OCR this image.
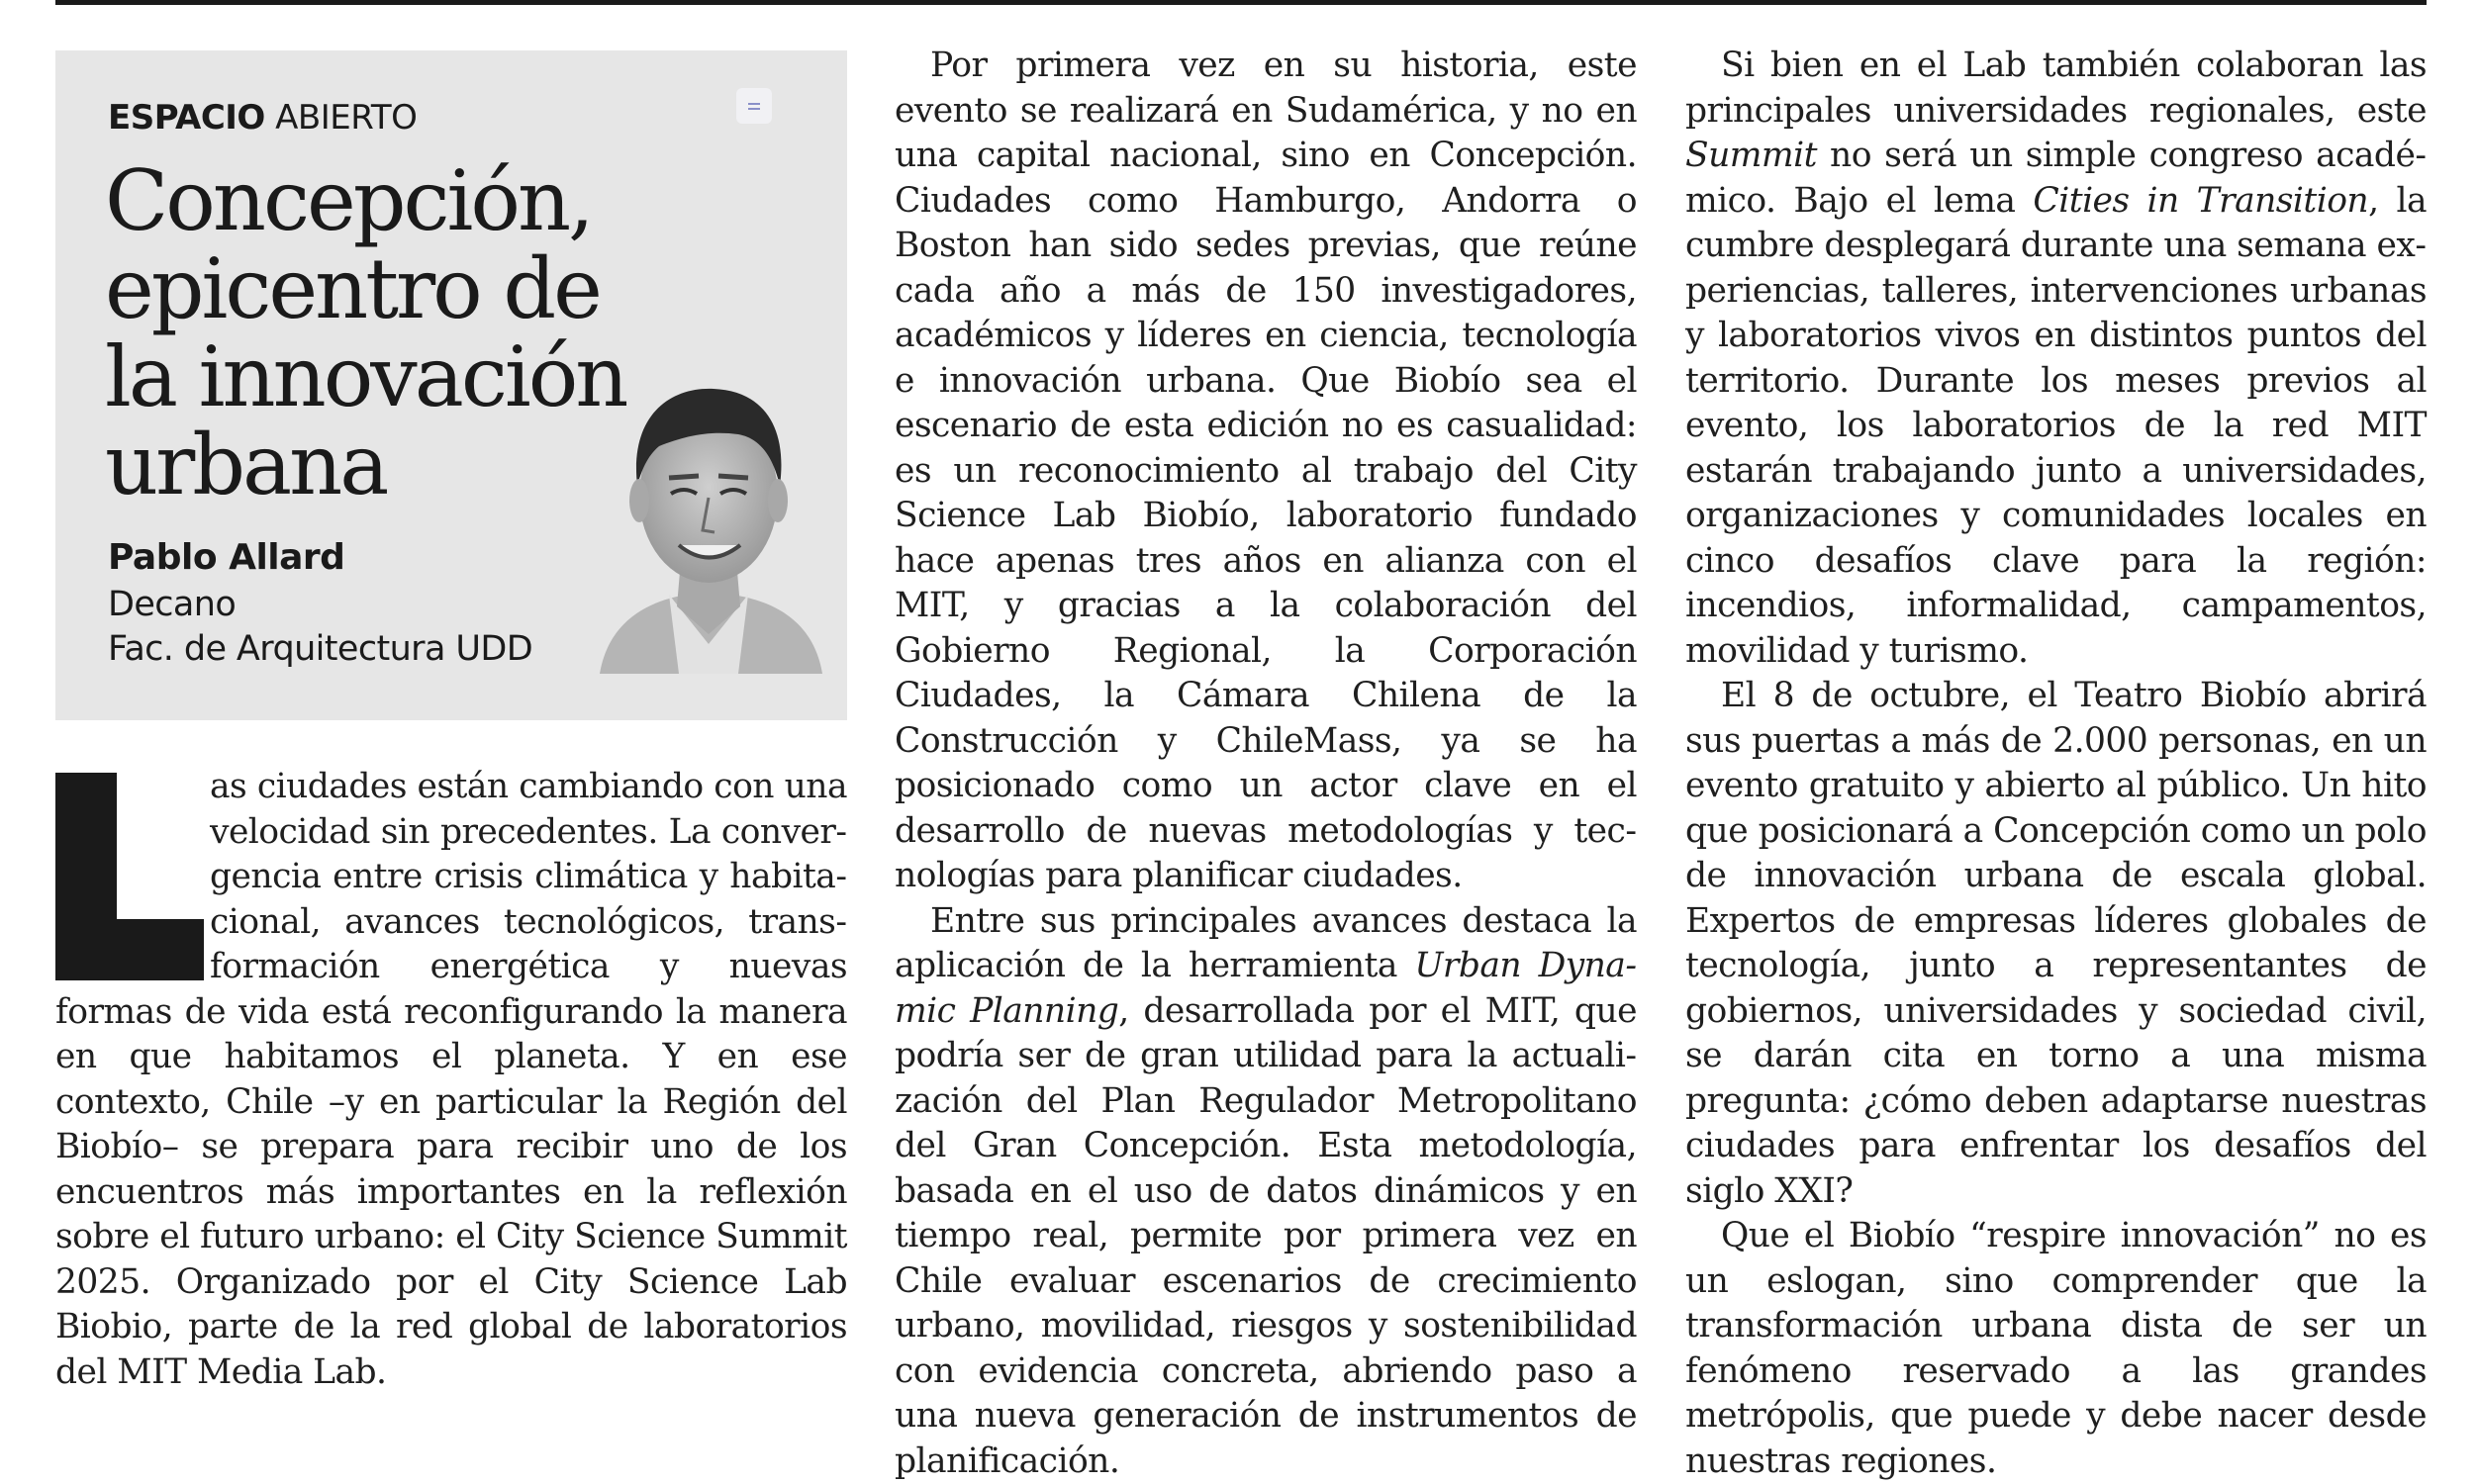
ESPACIO ABIERTO
Concepción, epicentro de la innovación urbana
Pablo Allard
Decano
Fac. de Arquitectura UDD

as ciudades están cambiando con una velocidad sin precedentes. La convergencia entre crisis climática y habitacional, avances tecnológicos, transformación energética y nuevas formas de vida está reconfigurando la manera en que habitamos el planeta. Y en ese contexto, Chile –y en particular la Región del Biobío– se prepara para recibir uno de los encuentros más importantes en la reflexión sobre el futuro urbano: el City Science Summit 2025. Organizado por el City Science Lab Biobio, parte de la red global de laboratorios del MIT Media Lab.

Por primera vez en su historia, este evento se realizará en Sudamérica, y no en una capital nacional, sino en Concepción. Ciudades como Hamburgo, Andorra o Boston han sido sedes previas, que reúne cada año a más de 150 investigadores, académicos y líderes en ciencia, tecnología e innovación urbana. Que Biobío sea el escenario de esta edición no es casualidad: es un reconocimiento al trabajo del City Science Lab Biobío, laboratorio fundado hace apenas tres años en alianza con el MIT, y gracias a la colaboración del Gobierno Regional, la Corporación Ciudades, la Cámara Chilena de la Construcción y ChileMass, ya se ha posicionado como un actor clave en el desarrollo de nuevas metodologías y tecnologías para planificar ciudades.

Entre sus principales avances destaca la aplicación de la herramienta Urban Dynamic Planning, desarrollada por el MIT, que podría ser de gran utilidad para la actualización del Plan Regulador Metropolitano del Gran Concepción. Esta metodología, basada en el uso de datos dinámicos y en tiempo real, permite por primera vez en Chile evaluar escenarios de crecimiento urbano, movilidad, riesgos y sostenibilidad con evidencia concreta, abriendo paso a una nueva generación de instrumentos de planificación.

Si bien en el Lab también colaboran las principales universidades regionales, este Summit no será un simple congreso académico. Bajo el lema Cities in Transition, la cumbre desplegará durante una semana experiencias, talleres, intervenciones urbanas y laboratorios vivos en distintos puntos del territorio. Durante los meses previos al evento, los laboratorios de la red MIT estarán trabajando junto a universidades, organizaciones y comunidades locales en cinco desafíos clave para la región: incendios, informalidad, campamentos, movilidad y turismo.

El 8 de octubre, el Teatro Biobío abrirá sus puertas a más de 2.000 personas, en un evento gratuito y abierto al público. Un hito que posicionará a Concepción como un polo de innovación urbana de escala global. Expertos de empresas líderes globales de tecnología, junto a representantes de gobiernos, universidades y sociedad civil, se darán cita en torno a una misma pregunta: ¿cómo deben adaptarse nuestras ciudades para enfrentar los desafíos del siglo XXI?

Que el Biobío “respire innovación” no es un eslogan, sino comprender que la transformación urbana dista de ser un fenómeno reservado a las grandes metrópolis, que puede y debe nacer desde nuestras regiones.
